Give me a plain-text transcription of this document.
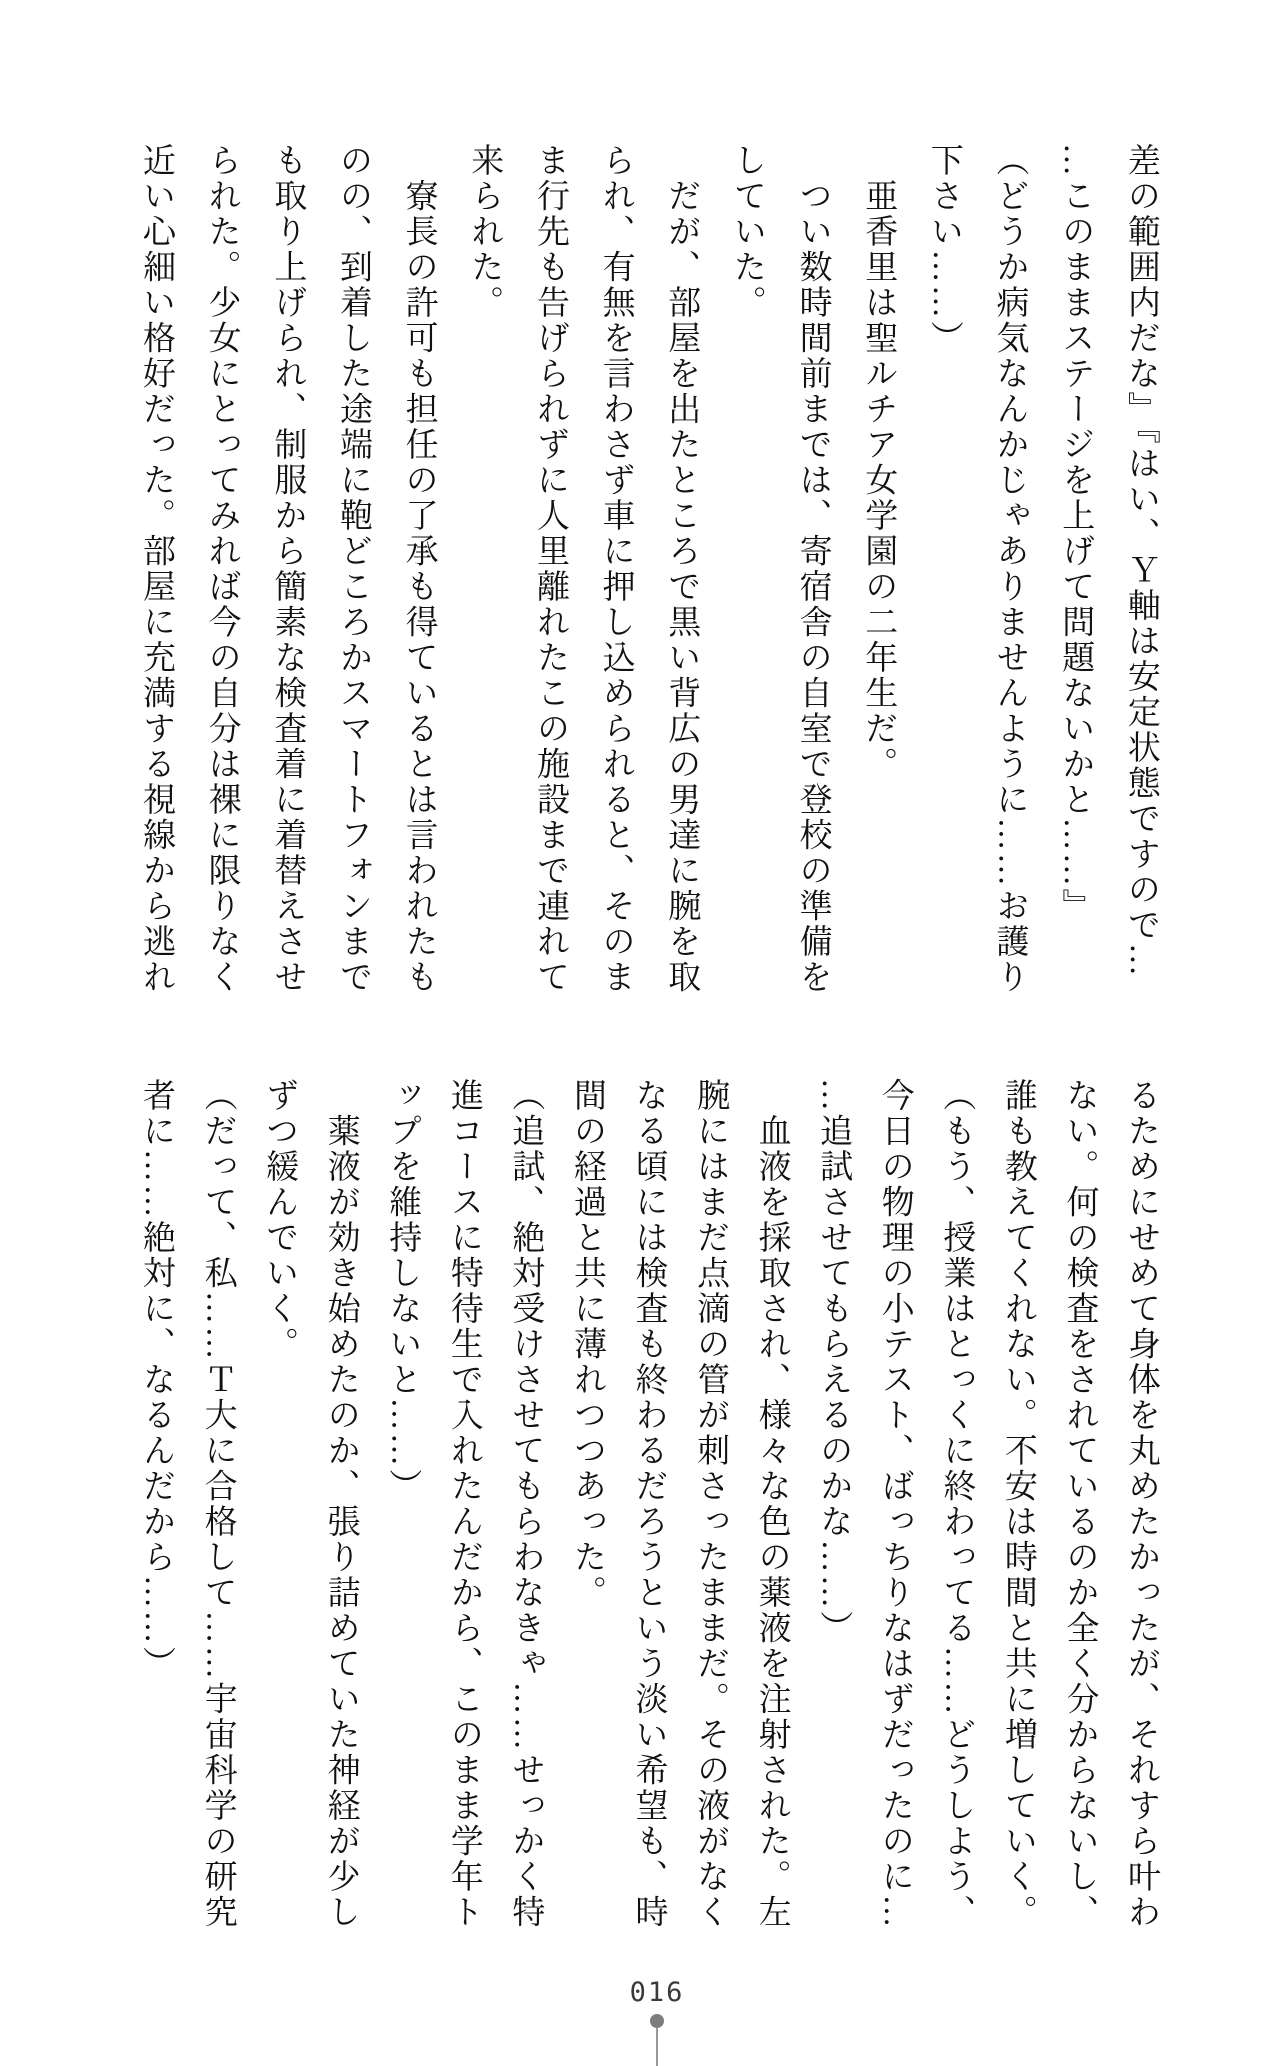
差の範囲内だな』『はい、Ｙ軸は安定状態ですので…
…このままステージを上げて問題ないかと……』
（どうか病気なんかじゃありませんように……お護り
下さい……）
　亜香里は聖ルチア女学園の二年生だ。
　つい数時間前までは、寄宿舎の自室で登校の準備を
していた。
　だが、部屋を出たところで黒い背広の男達に腕を取
られ、有無を言わさず車に押し込められると、そのま
ま行先も告げられずに人里離れたこの施設まで連れて
来られた。
　寮長の許可も担任の了承も得ているとは言われたも
のの、到着した途端に鞄どころかスマートフォンまで
も取り上げられ、制服から簡素な検査着に着替えさせ
られた。少女にとってみれば今の自分は裸に限りなく
近い心細い格好だった。部屋に充満する視線から逃れ
るためにせめて身体を丸めたかったが、それすら叶わ
ない。何の検査をされているのか全く分からないし、
誰も教えてくれない。不安は時間と共に増していく。
（もう、授業はとっくに終わってる……どうしよう、
今日の物理の小テスト、ばっちりなはずだったのに…
…追試させてもらえるのかな……）
　血液を採取され、様々な色の薬液を注射された。左
腕にはまだ点滴の管が刺さったままだ。その液がなく
なる頃には検査も終わるだろうという淡い希望も、時
間の経過と共に薄れつつあった。
（追試、絶対受けさせてもらわなきゃ……せっかく特
進コースに特待生で入れたんだから、このまま学年ト
ップを維持しないと……）
　薬液が効き始めたのか、張り詰めていた神経が少し
ずつ緩んでいく。
（だって、私……Ｔ大に合格して……宇宙科学の研究
者に……絶対に、なるんだから……）
016
